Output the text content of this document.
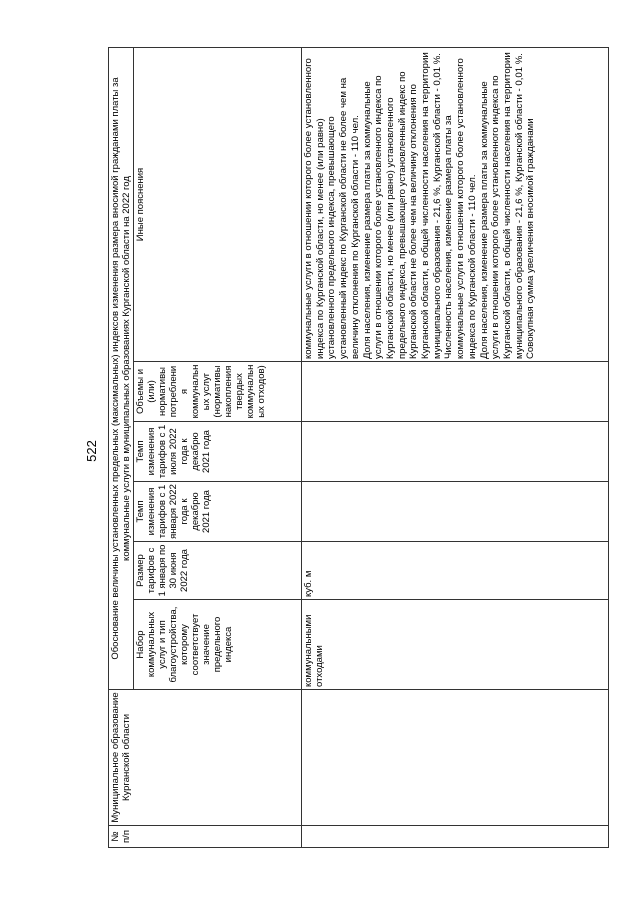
522
№ п/п	Муниципальное образование Курганской области	Обоснование величины установленных предельных (максимальных) индексов изменения размера вносимой гражданами платы за коммунальные услуги в муниципальных образованиях Курганской области на 2022 год					
		Набор коммунальных услуг и тип благоустройства, которому соответствует значение предельного индекса	Размер тарифов с 1 января по 30 июня 2022 года	Темп изменения тарифов с 1 января 2022 года к декабрю 2021 года	Темп изменения тарифов с 1 июля 2022 года к декабрю 2021 года	Объемы и (или) нормативы потребления коммунальных услуг (нормативы накопления твердых коммунальных отходов)	Иные пояснения
		коммунальными отходами	куб. м				коммунальные услуги в отношении которого более установленного индекса по Курганской области, но менее (или равно) установленного предельного индекса, превышающего установленный индекс по Курганской области не более чем на величину отклонения по Курганской области - 110 чел.
Доля населения, изменение размера платы за коммунальные услуги в отношении которого более установленного индекса по Курганской области, но менее (или равно) установленного предельного индекса, превышающего установленный индекс по Курганской области не более чем на величину отклонения по Курганской области, в общей численности населения на территории муниципального образования - 21,6 %, Курганской области - 0,01 %.
Численность населения, изменение размера платы за коммунальные услуги в отношении которого более установленного индекса по Курганской области - 110 чел.
Доля населения, изменение размера платы за коммунальные услуги в отношении которого более установленного индекса по Курганской области, в общей численности населения на территории муниципального образования - 21,6 %, Курганской области - 0,01 %.
Совокупная сумма увеличения вносимой гражданами
